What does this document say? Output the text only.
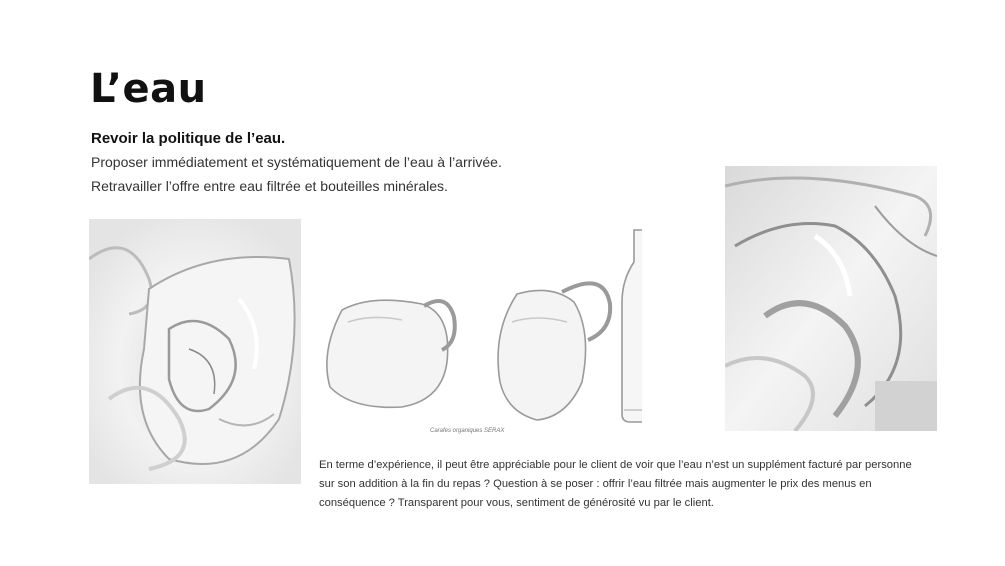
L’eau

Revoir la politique de l’eau.

Proposer immédiatement et systématiquement de l’eau à l’arrivée.

Retravailler l’offre entre eau filtrée et bouteilles minérales.

Carafes organiques SERAX

En terme d’expérience, il peut être appréciable pour le client de voir que l’eau n’est un supplément facturé par personne sur son addition à la fin du repas ? Question à se poser : offrir l’eau filtrée mais augmenter le prix des menus en conséquence ? Transparent pour vous, sentiment de générosité vu par le client.
